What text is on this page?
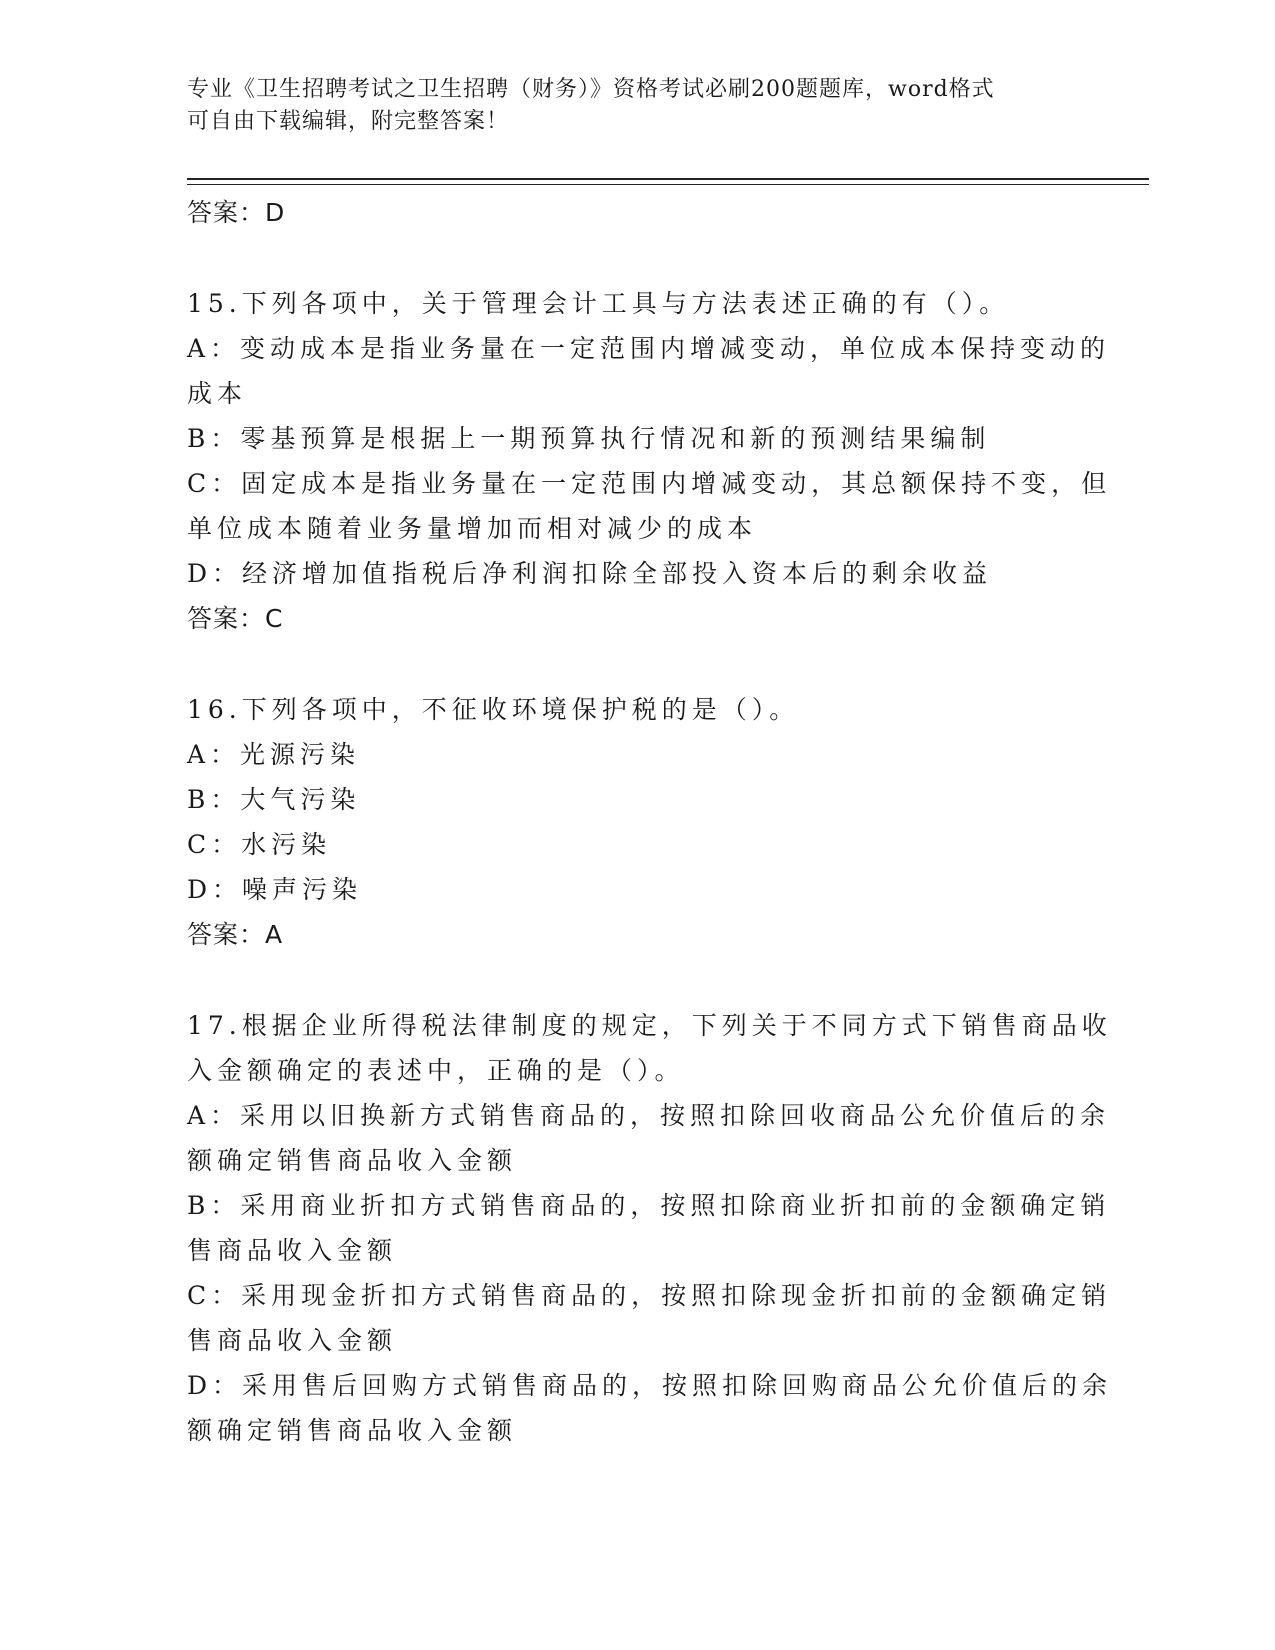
专业《卫生招聘考试之卫生招聘（财务）》资格考试必刷200题题库，word格式
可自由下载编辑，附完整答案！
答案：D
15.下列各项中，关于管理会计工具与方法表述正确的有（）。
A：变动成本是指业务量在一定范围内增减变动，单位成本保持变动的
成本
B：零基预算是根据上一期预算执行情况和新的预测结果编制
C：固定成本是指业务量在一定范围内增减变动，其总额保持不变，但
单位成本随着业务量增加而相对减少的成本
D：经济增加值指税后净利润扣除全部投入资本后的剩余收益
答案：C
16.下列各项中，不征收环境保护税的是（）。
A：光源污染
B：大气污染
C：水污染
D：噪声污染
答案：A
17.根据企业所得税法律制度的规定，下列关于不同方式下销售商品收
入金额确定的表述中，正确的是（）。
A：采用以旧换新方式销售商品的，按照扣除回收商品公允价值后的余
额确定销售商品收入金额
B：采用商业折扣方式销售商品的，按照扣除商业折扣前的金额确定销
售商品收入金额
C：采用现金折扣方式销售商品的，按照扣除现金折扣前的金额确定销
售商品收入金额
D：采用售后回购方式销售商品的，按照扣除回购商品公允价值后的余
额确定销售商品收入金额
